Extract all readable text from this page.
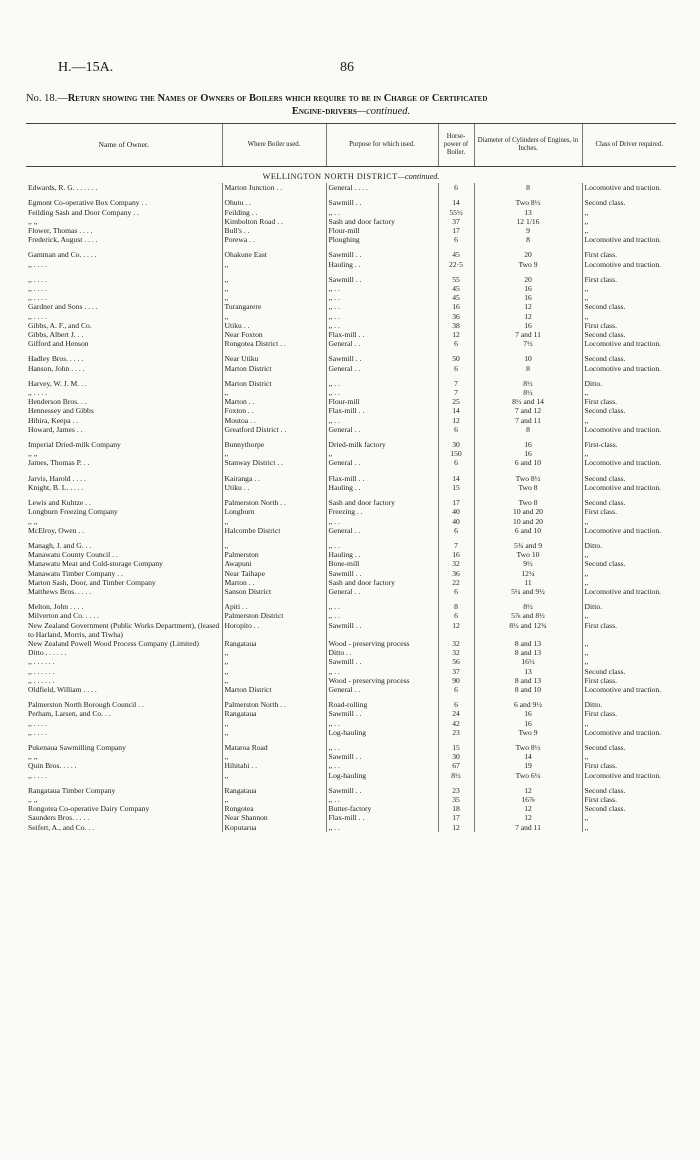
H.—15A.	86
No. 18.—Return showing the Names of Owners of Boilers which require to be in Charge of Certificated
Engine-drivers—continued.
Name of Owner.	Where Boiler used.	Purpose for which used.	Horse-power of Boiler.	Diameter of Cylinders of Engines, in Inches.	Class of Driver required.
WELLINGTON NORTH DISTRICT—continued.					
Edwards, R. G. . . . . . .	Marton Junction . .	General . . . .	6	8	Locomotive and traction.

Egmont Co-operative Box Company . .	Ohutu . .	Sawmill . .	14	Two 8½	Second class.
Feilding Sash and Door Company . .	Feilding . .	,, . .	55½	13	,,
,, ,,	Kimbolton Road . .	Sash and door factory	37	12 1/16	,,
Flower, Thomas . . . .	Bull's . .	Flour-mill	17	9	,,
Frederick, August . . . .	Porewa . .	Ploughing	6	8	Locomotive and traction.

Gamman and Co. . . . .	Ohakune East	Sawmill . .	45	20	First class.
,, . . . .	,,	Hauling . .	22·5	Two 9	Locomotive and traction.

,, . . . .	,,	Sawmill . .	55	20	First class.
,, . . . .	,,	,, . .	45	16	,,
,, . . . .	,,	,, . .	45	16	,,
Gardner and Sons . . . .	Turangarere	,, . .	16	12	Second class.
,, . . . .	,,	,, . .	36	12	,,
Gibbs, A. F., and Co.	Utiku . .	,, . .	38	16	First class.
Gibbs, Albert J. . .	Near Foxton	Flax-mill . .	12	7 and 11	Second class.
Gifford and Henson	Rongotea District . .	General . .	6	7½	Locomotive and traction.

Hadley Bros. . . . .	Near Utiku	Sawmill . .	50	10	Second class.
Hanson, John . . . .	Marton District	General . .	6	8	Locomotive and traction.

Harvey, W. J. M. . .	Marton District	,, . .	7	8½	Ditto.
,, . . . .	,,	,, . .	7	8½	,,
Henderson Bros. . .	Marton . .	Flour-mill	25	8½ and 14	First class.
Hennessey and Gibbs	Foxton . .	Flax-mill . .	14	7 and 12	Second class.
Hihira, Keepa . .	Moutoa . .	,, . .	12	7 and 11	,,
Howard, James . .	Greatford District . .	General . .	6	8	Locomotive and traction.

Imperial Dried-milk Company	Bunnythorpe	Dried-milk factory	30	16	First-class.
,, ,,	,,	,,	150	16	,,
James, Thomas P. . .	Stanway District . .	General . .	6	6 and 10	Locomotive and traction.

Jarvis, Harold . . . .	Kairanga . .	Flax-mill . .	14	Two 8½	Second class.
Knight, B. L. . . . .	Utiku . .	Hauling . .	15	Two 8	Locomotive and traction.

Lewis and Kuhtze . .	Palmerston North . .	Sash and door factory	17	Two 8	Second class.
Longburn Freezing Company	Longburn	Freezing . .	40	10 and 20	First class.
,, ,,	,,	,, . .	40	10 and 20	,,
McElroy, Owen . .	Halcombe District	General . .	6	6 and 10	Locomotive and traction.

Managh, J. and G. . .	,,	,, . .	7	5¾ and 9	Ditto.
Manawatu County Council . .	Palmerston	Hauling . .	16	Two 10	,,
Manawatu Meat and Cold-storage Company	Awapuni	Bone-mill	32	9½	Second class.
Manawatu Timber Company . .	Near Taihape	Sawmill . .	36	12¼	,,
Marton Sash, Door, and Timber Company	Marton . .	Sash and door factory	22	11	,,
Matthews Bros. . . . .	Sanson District	General . .	6	5¼ and 9½	Locomotive and traction.

Melton, John . . . .	Apiti . .	,, . .	8	8½	Ditto.
Milverton and Co. . . . .	Palmerston District	,, . .	6	5⅞ and 8½	,,
New Zealand Government (Public Works Department), (leased to Harland, Morris, and Tiwha)	Horopito . .	Sawmill . .	12	8½ and 12¾	First class.
New Zealand Powell Wood Process Company (Limited)	Rangataua	Wood - preserving process	32	8 and 13	,,
Ditto . . . . . .	,,	Ditto . .	32	8 and 13	,,
,, . . . . . .	,,	Sawmill . .	56	16½	,,
,, . . . . . .	,,	,, . .	37	13	Second class.
,, . . . . . .	,,	Wood - preserving process	90	8 and 13	First class.
Oldfield, William . . . .	Marton District	General . .	6	8 and 10	Locomotive and traction.

Palmerston North Borough Council . .	Palmerston North . .	Road-rolling	6	6 and 9½	Ditto.
Perham, Larsen, and Co. . .	Rangataua	Sawmill . .	24	16	First class.
,, . . . .	,,	,, . .	42	16	,,
,, . . . .	,,	Log-hauling	23	Two 9	Locomotive and traction.

Pukenaua Sawmilling Company	Mataroa Road	,, . .	15	Two 8½	Second class.
,, ,,	,,	Sawmill . .	30	14	,,
Quin Bros. . . . .	Hihitahi . .	,, . .	67	19	First class.
,, . . . .	,,	Log-hauling	8½	Two 6¼	Locomotive and traction.

Rangataua Timber Company	Rangataua	Sawmill . .	23	12	Second class.
,, ,,	,,	,, . .	35	16⅞	First class.
Rongotea Co-operative Dairy Company	Rongotea	Butter-factory	18	12	Second class.
Saunders Bros. . . . .	Near Shannon	Flax-mill . .	17	12	,,
Seifert, A., and Co. . .	Koputarua	,, . .	12	7 and 11	,,
